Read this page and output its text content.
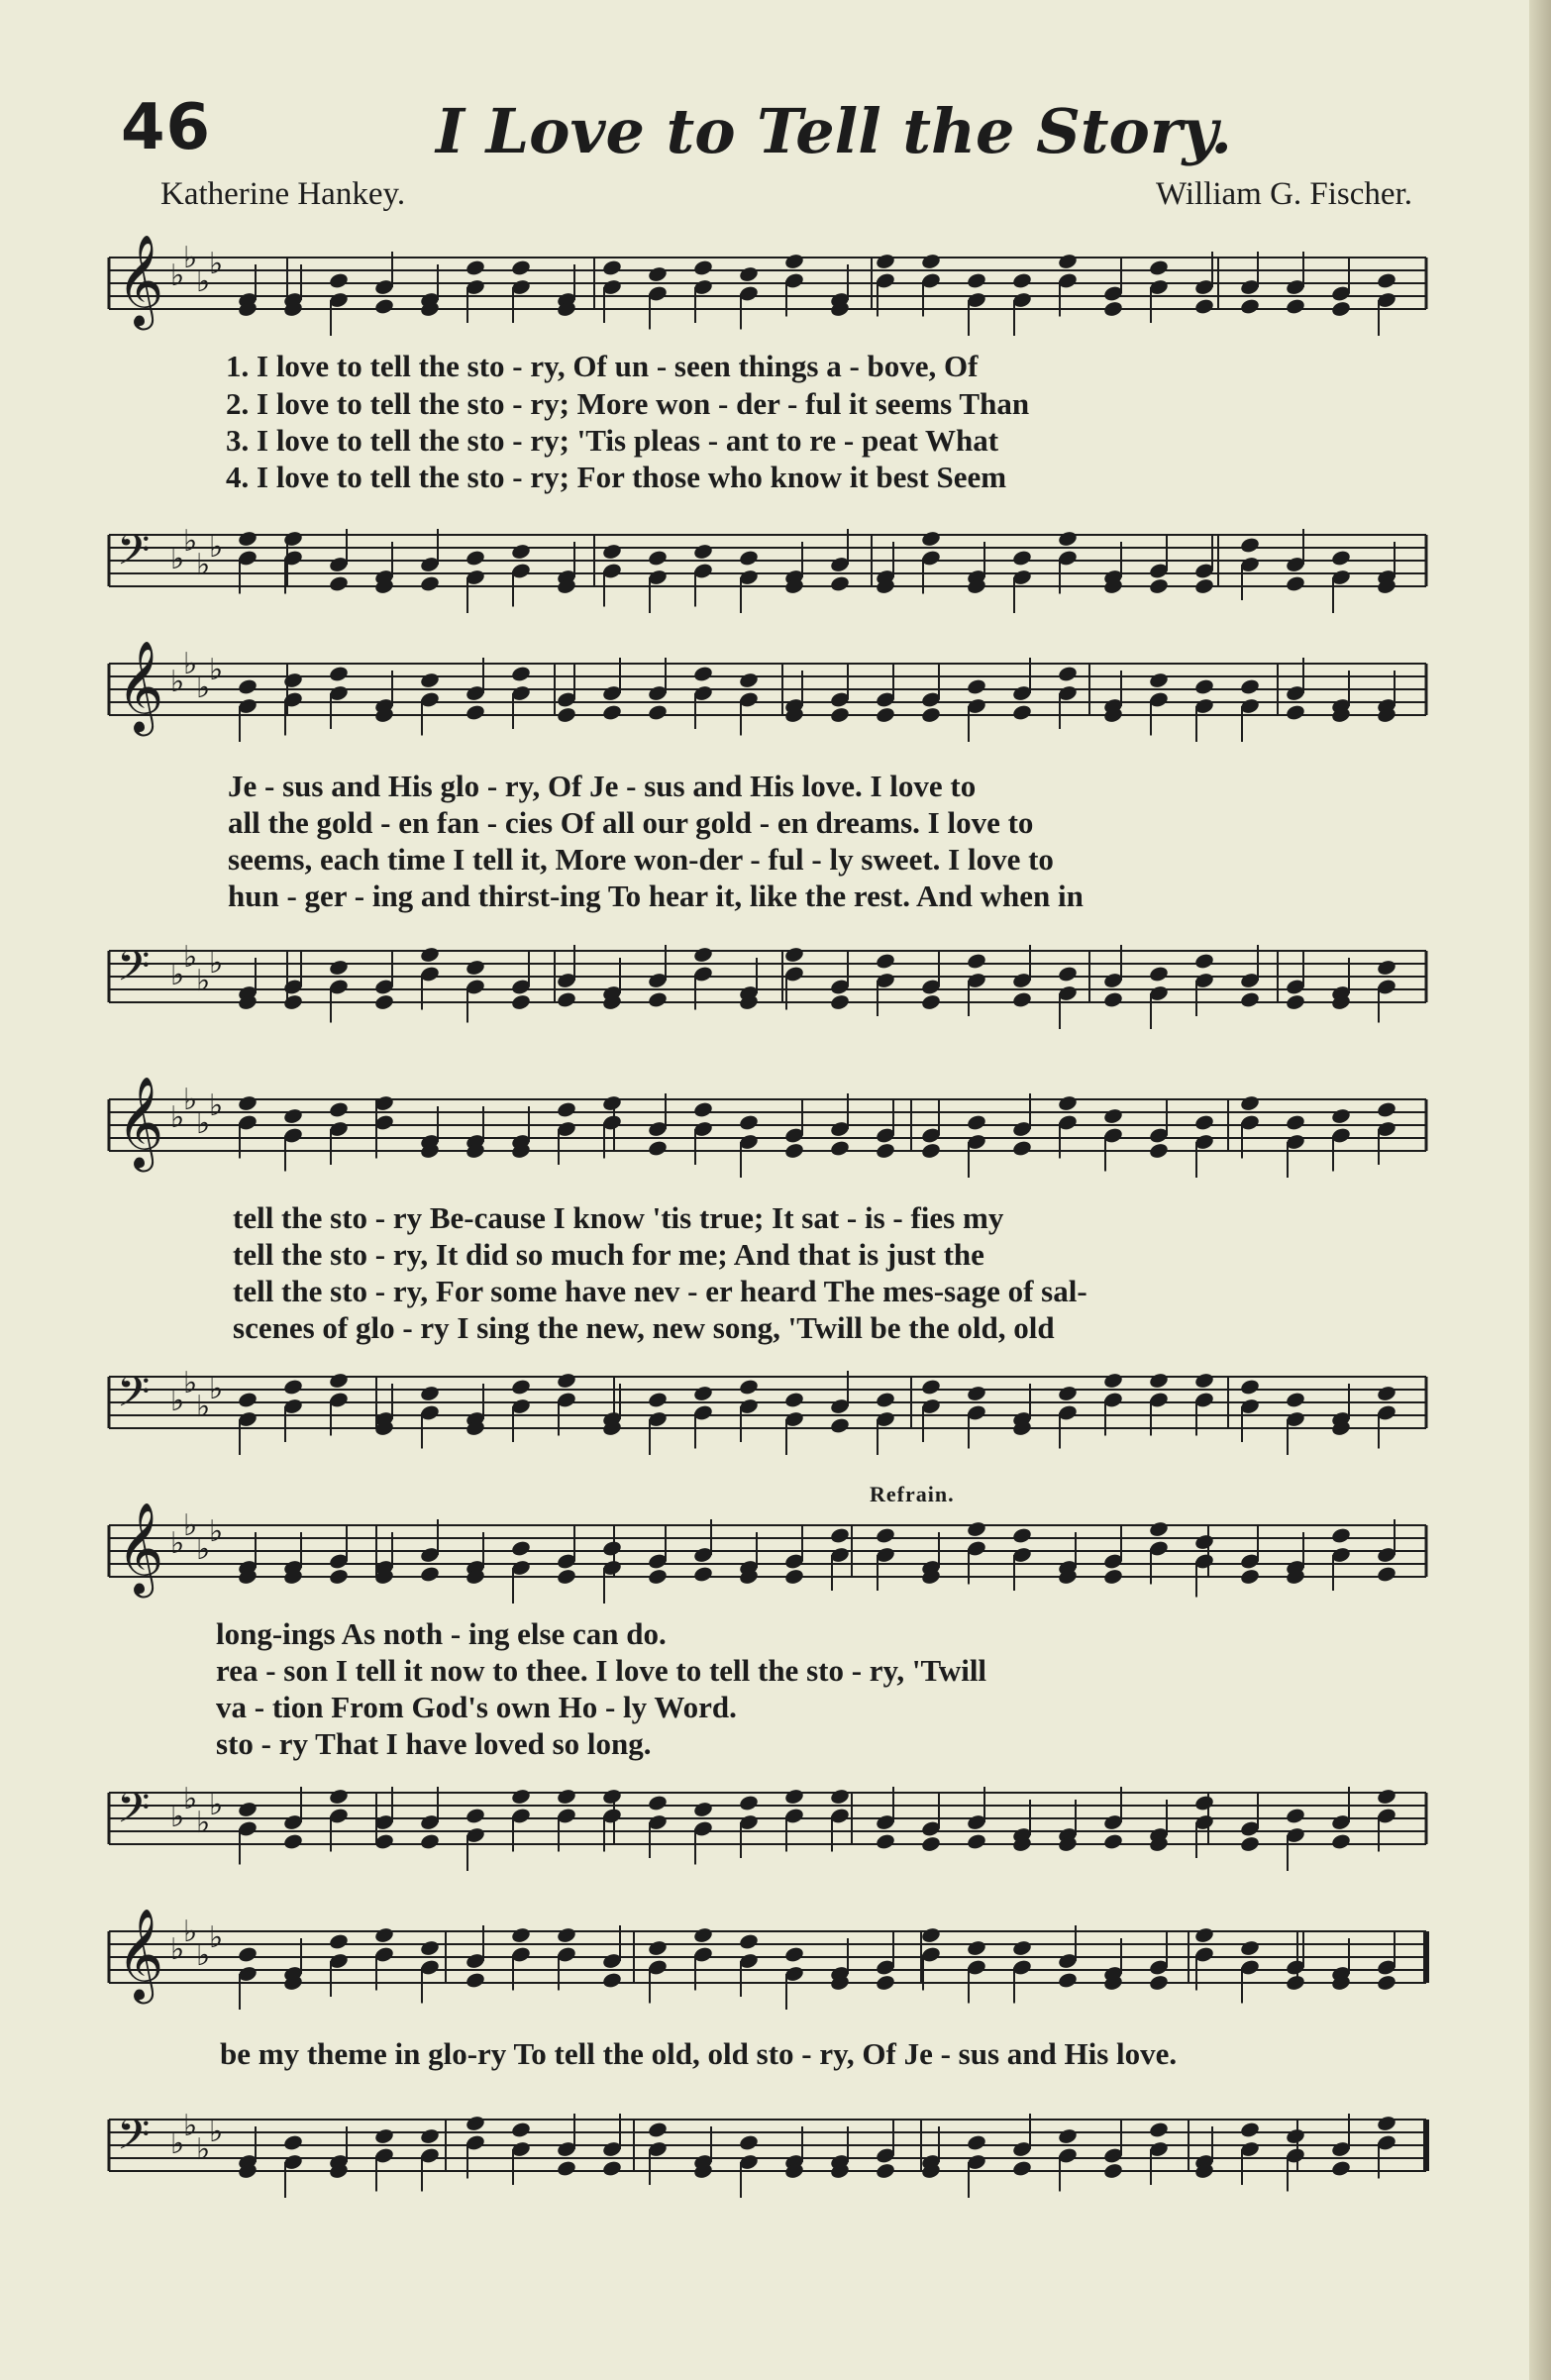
46	I Love to Tell the Story.
Katherine Hankey.	William G. Fischer.
𝄞 ♭
♭
♭
♭
1. I love to tell the sto - ry, Of un - seen things a - bove, Of
2. I love to tell the sto - ry; More won - der - ful it seems Than
3. I love to tell the sto - ry; 'Tis pleas - ant to re - peat What
4. I love to tell the sto - ry; For those who know it best Seem
𝄢 ♭
♭
♭
♭
𝄞 ♭
♭
♭
♭
Je - sus and His glo - ry, Of Je - sus and His love. I love to
all the gold - en fan - cies Of all our gold - en dreams. I love to
seems, each time I tell it, More won-der - ful - ly sweet. I love to
hun - ger - ing and thirst-ing To hear it, like the rest. And when in
𝄢 ♭
♭
♭
♭
𝄞 ♭
♭
♭
♭
tell the sto - ry Be-cause I know 'tis true; It sat - is - fies my
tell the sto - ry, It did so much for me; And that is just the
tell the sto - ry, For some have nev - er heard The mes-sage of sal-
scenes of glo - ry I sing the new, new song, 'Twill be the old, old
𝄢 ♭
♭
♭
♭
Refrain.
𝄞 ♭
♭
♭
♭
long-ings As noth - ing else can do.
rea - son I tell it now to thee. I love to tell the sto - ry, 'Twill
va - tion From God's own Ho - ly Word.
sto - ry That I have loved so long.
𝄢 ♭
♭
♭
♭
𝄞 ♭
♭
♭
♭
be my theme in glo-ry To tell the old, old sto - ry, Of Je - sus and His love.
𝄢 ♭
♭
♭
♭
